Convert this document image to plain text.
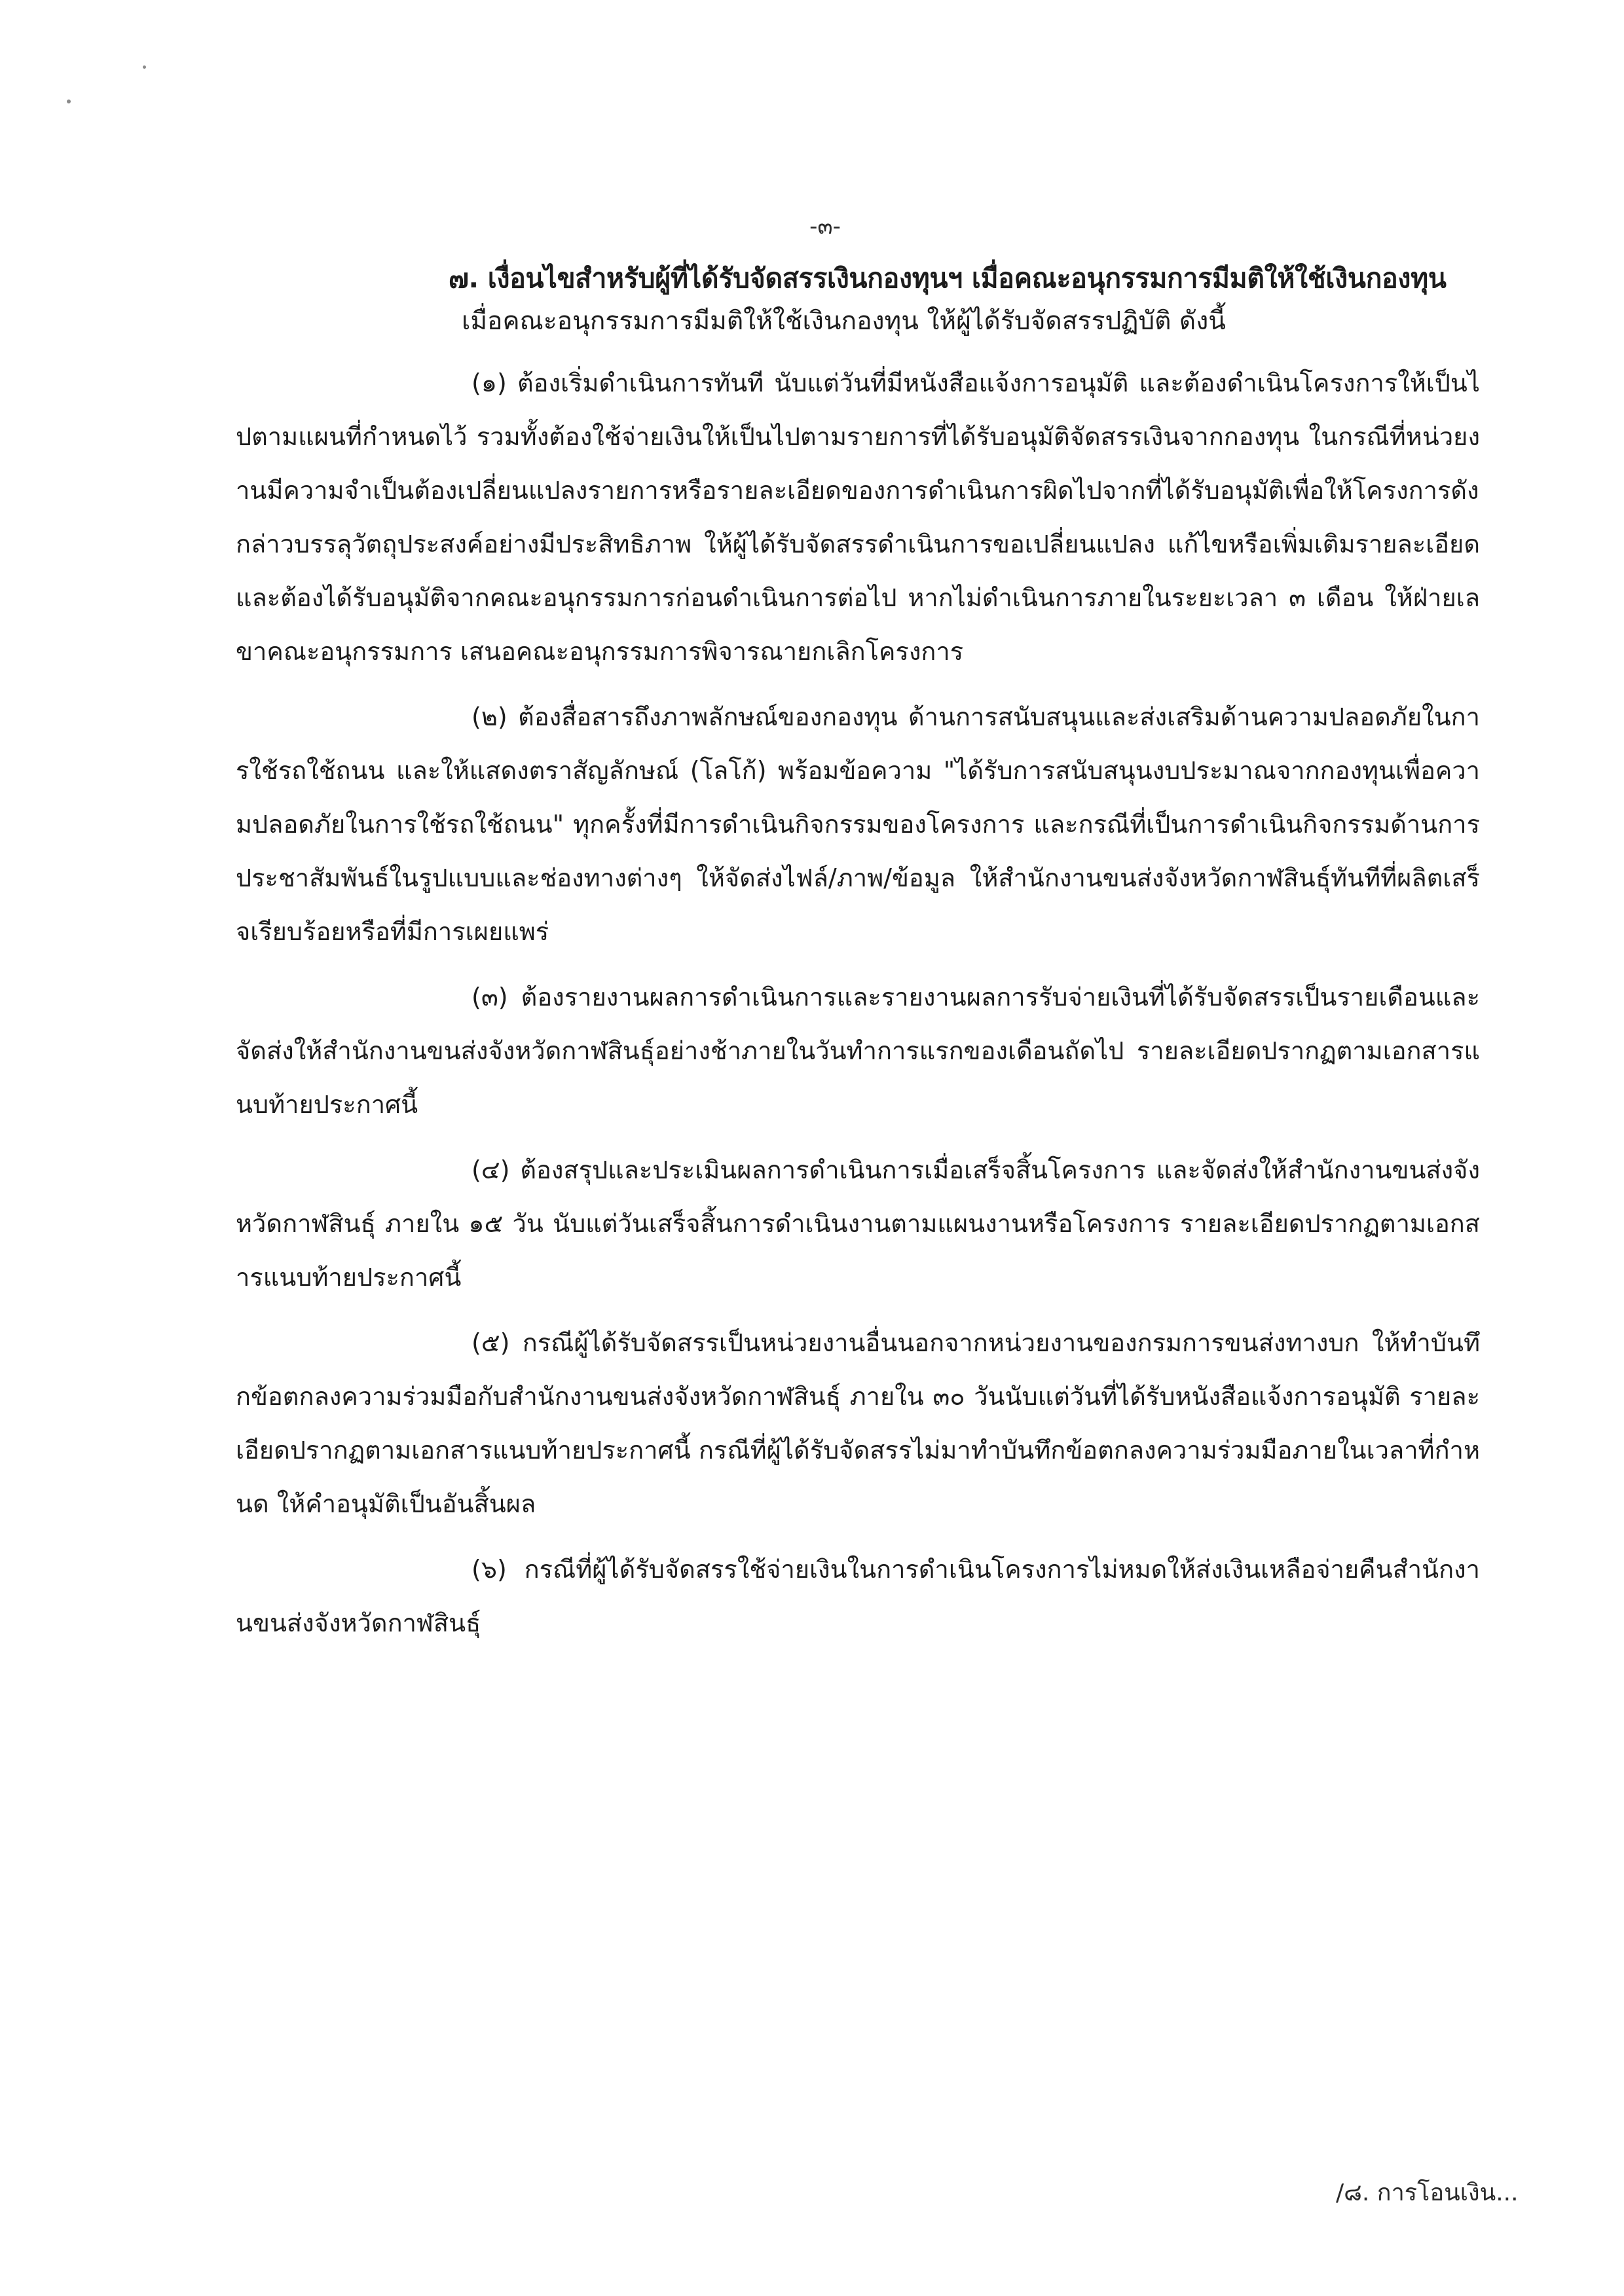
-๓-
๗. เงื่อนไขสำหรับผู้ที่ได้รับจัดสรรเงินกองทุนฯ เมื่อคณะอนุกรรมการมีมติให้ใช้เงินกองทุน
เมื่อคณะอนุกรรมการมีมติให้ใช้เงินกองทุน ให้ผู้ได้รับจัดสรรปฏิบัติ ดังนี้
(๑) ต้องเริ่มดำเนินการทันที นับแต่วันที่มีหนังสือแจ้งการอนุมัติ และต้องดำเนินโครงการให้เป็นไปตามแผนที่กำหนดไว้ รวมทั้งต้องใช้จ่ายเงินให้เป็นไปตามรายการที่ได้รับอนุมัติจัดสรรเงินจากกองทุน ในกรณีที่หน่วยงานมีความจำเป็นต้องเปลี่ยนแปลงรายการหรือรายละเอียดของการดำเนินการผิดไปจากที่ได้รับอนุมัติเพื่อให้โครงการดังกล่าวบรรลุวัตถุประสงค์อย่างมีประสิทธิภาพ ให้ผู้ได้รับจัดสรรดำเนินการขอเปลี่ยนแปลง แก้ไขหรือเพิ่มเติมรายละเอียด และต้องได้รับอนุมัติจากคณะอนุกรรมการก่อนดำเนินการต่อไป หากไม่ดำเนินการภายในระยะเวลา ๓ เดือน ให้ฝ่ายเลขาคณะอนุกรรมการ เสนอคณะอนุกรรมการพิจารณายกเลิกโครงการ
(๒) ต้องสื่อสารถึงภาพลักษณ์ของกองทุน ด้านการสนับสนุนและส่งเสริมด้านความปลอดภัยในการใช้รถใช้ถนน และให้แสดงตราสัญลักษณ์ (โลโก้) พร้อมข้อความ "ได้รับการสนับสนุนงบประมาณจากกองทุนเพื่อความปลอดภัยในการใช้รถใช้ถนน" ทุกครั้งที่มีการดำเนินกิจกรรมของโครงการ และกรณีที่เป็นการดำเนินกิจกรรมด้านการประชาสัมพันธ์ในรูปแบบและช่องทางต่างๆ ให้จัดส่งไฟล์/ภาพ/ข้อมูล ให้สำนักงานขนส่งจังหวัดกาฬสินธุ์ทันทีที่ผลิตเสร็จเรียบร้อยหรือที่มีการเผยแพร่
(๓) ต้องรายงานผลการดำเนินการและรายงานผลการรับจ่ายเงินที่ได้รับจัดสรรเป็นรายเดือนและจัดส่งให้สำนักงานขนส่งจังหวัดกาฬสินธุ์อย่างช้าภายในวันทำการแรกของเดือนถัดไป รายละเอียดปรากฏตามเอกสารแนบท้ายประกาศนี้
(๔) ต้องสรุปและประเมินผลการดำเนินการเมื่อเสร็จสิ้นโครงการ และจัดส่งให้สำนักงานขนส่งจังหวัดกาฬสินธุ์ ภายใน ๑๕ วัน นับแต่วันเสร็จสิ้นการดำเนินงานตามแผนงานหรือโครงการ รายละเอียดปรากฏตามเอกสารแนบท้ายประกาศนี้
(๕) กรณีผู้ได้รับจัดสรรเป็นหน่วยงานอื่นนอกจากหน่วยงานของกรมการขนส่งทางบก ให้ทำบันทึกข้อตกลงความร่วมมือกับสำนักงานขนส่งจังหวัดกาฬสินธุ์ ภายใน ๓๐ วันนับแต่วันที่ได้รับหนังสือแจ้งการอนุมัติ รายละเอียดปรากฏตามเอกสารแนบท้ายประกาศนี้ กรณีที่ผู้ได้รับจัดสรรไม่มาทำบันทึกข้อตกลงความร่วมมือภายในเวลาที่กำหนด ให้คำอนุมัติเป็นอันสิ้นผล
(๖) กรณีที่ผู้ได้รับจัดสรรใช้จ่ายเงินในการดำเนินโครงการไม่หมดให้ส่งเงินเหลือจ่ายคืนสำนักงานขนส่งจังหวัดกาฬสินธุ์
/๘. การโอนเงิน...
